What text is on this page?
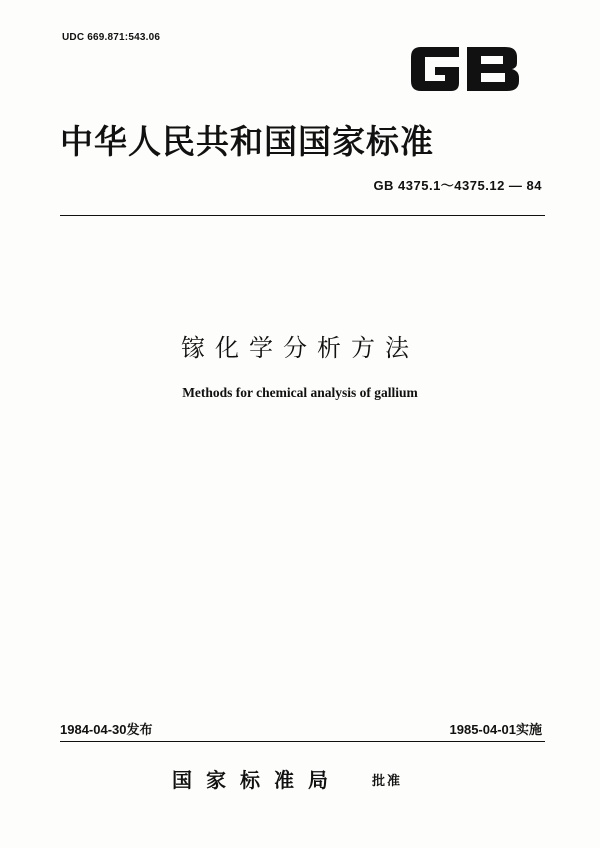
UDC 669.871:543.06
中华人民共和国国家标准
GB 4375.1～4375.12 — 84
镓化学分析方法
Methods for chemical analysis of gallium
1984-04-30发布	1985-04-01实施
国家标准局 批准
